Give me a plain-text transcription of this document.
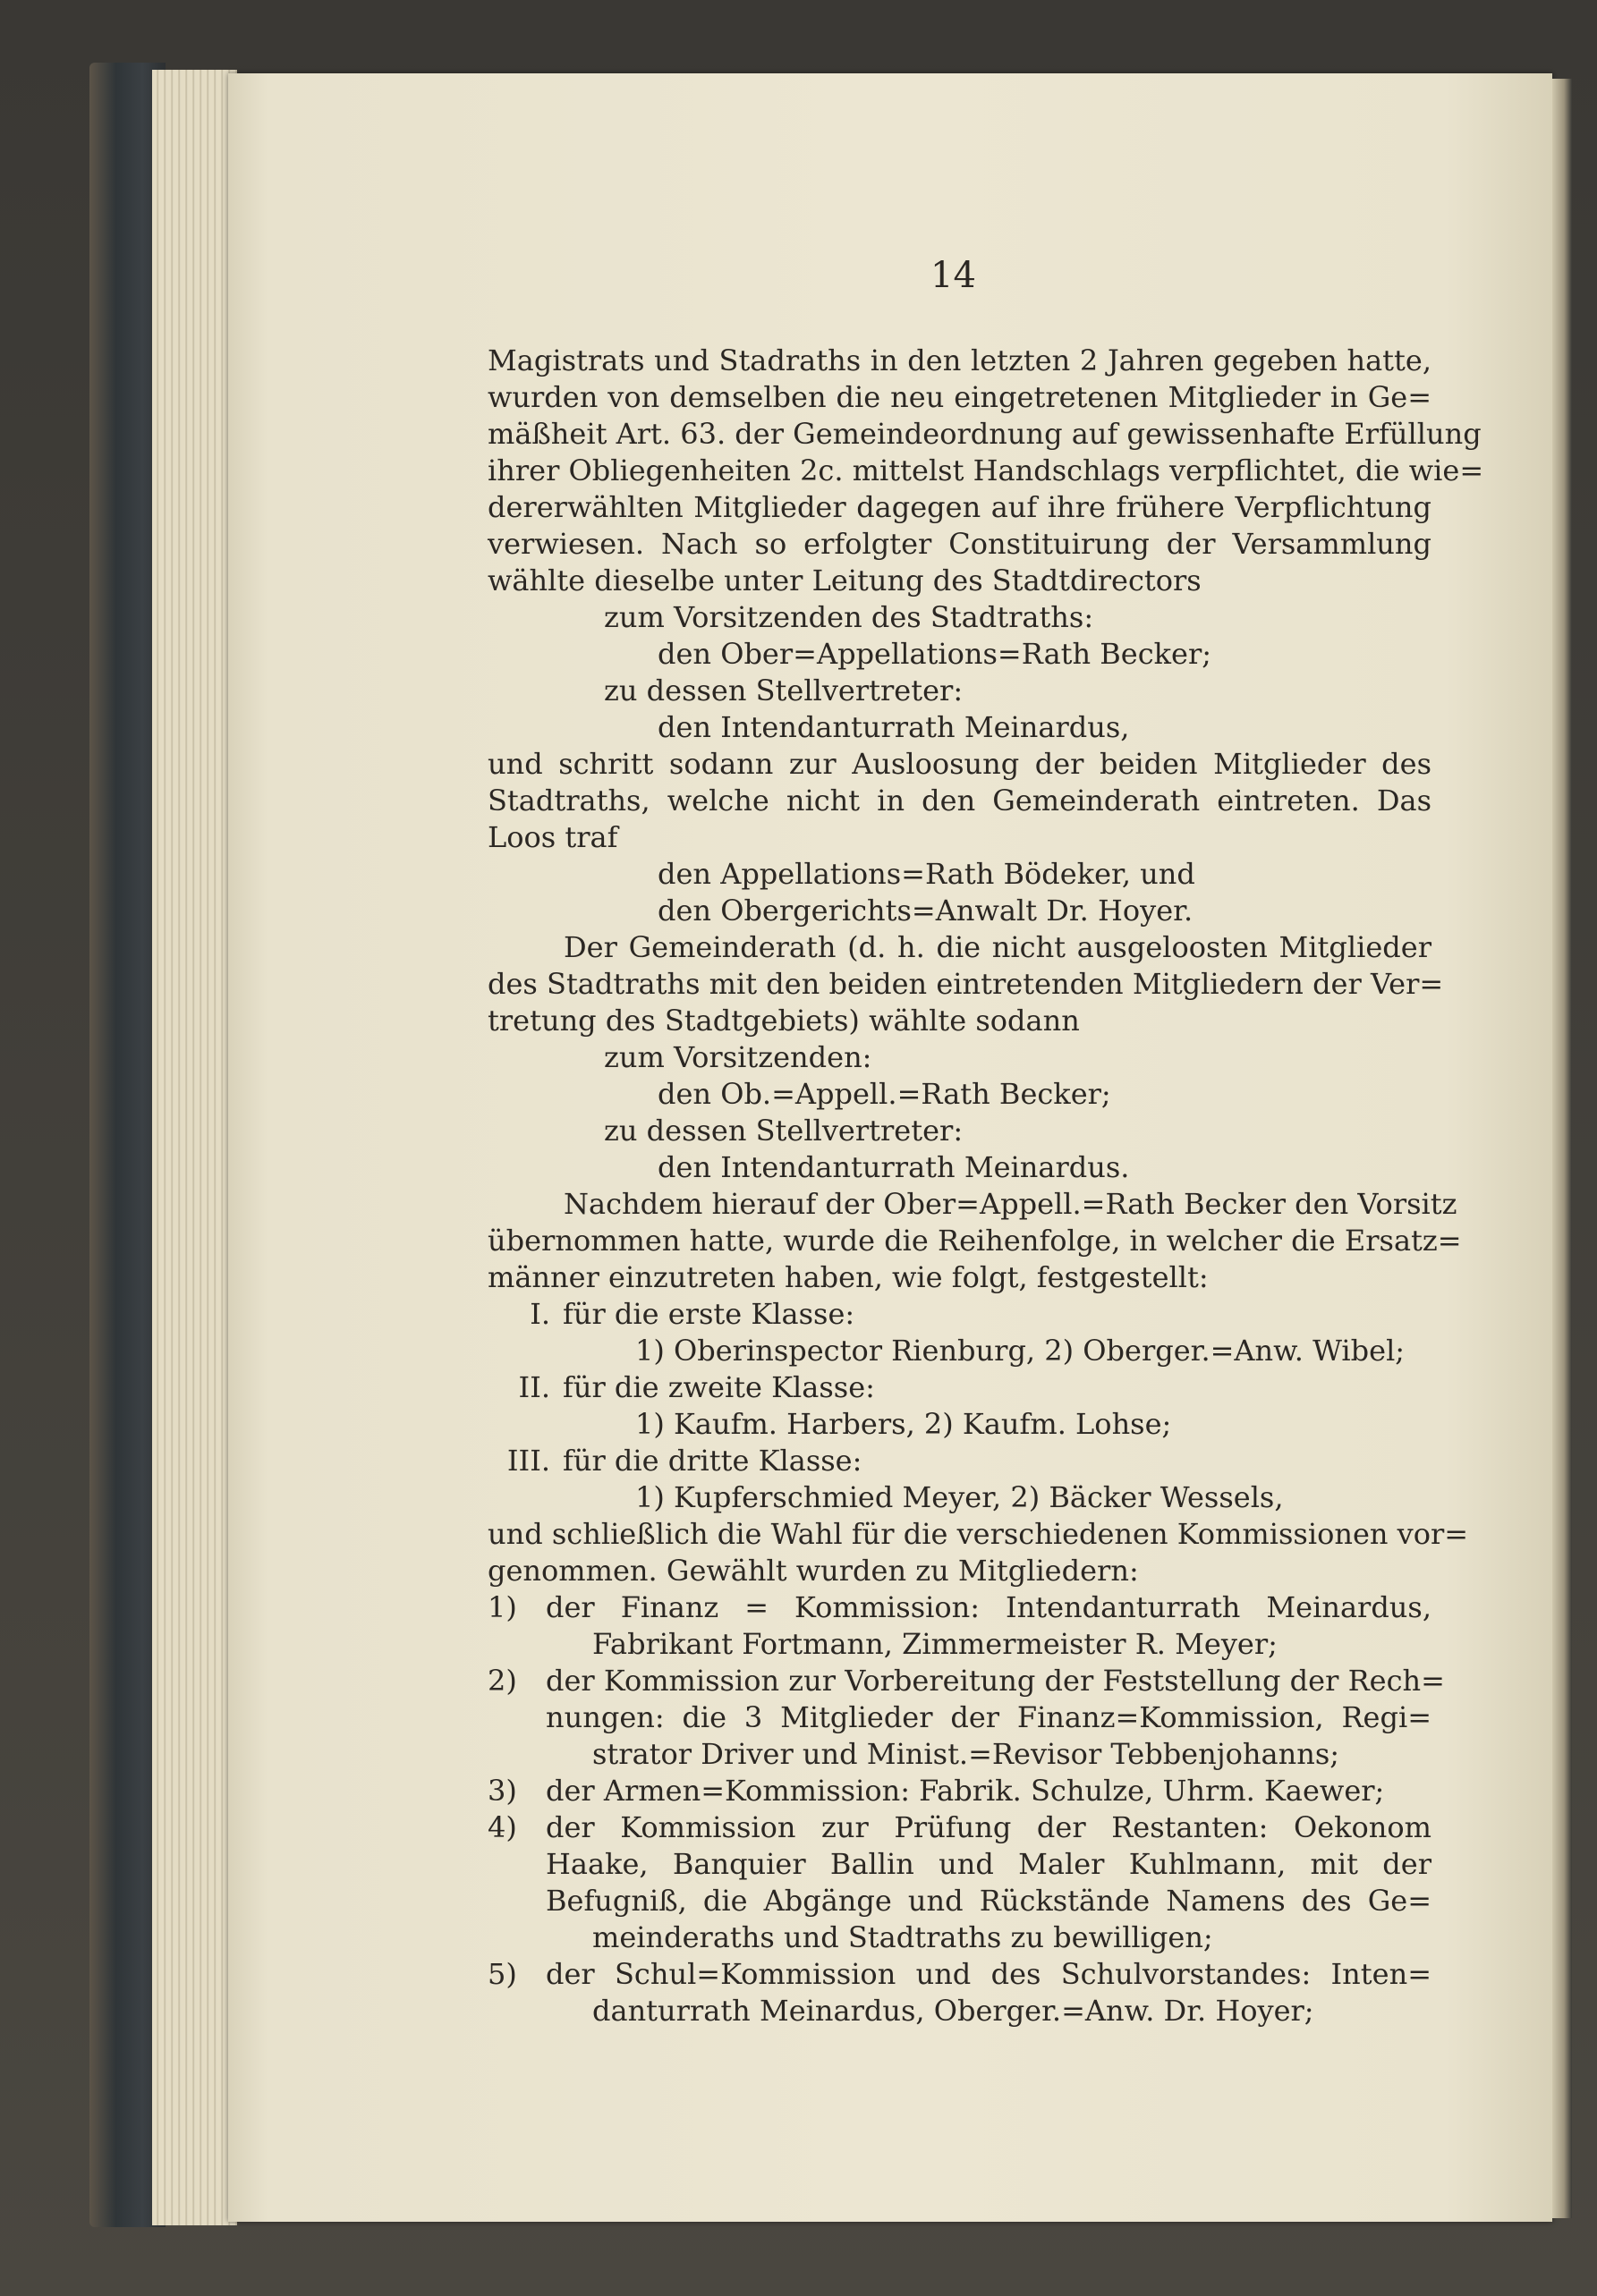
14
Magistrats und Stadraths in den letzten 2 Jahren gegeben hatte,
wurden von demselben die neu eingetretenen Mitglieder in Ge=
mäßheit Art. 63. der Gemeindeordnung auf gewissenhafte Erfüllung
ihrer Obliegenheiten 2c. mittelst Handschlags verpflichtet, die wie=
dererwählten Mitglieder dagegen auf ihre frühere Verpflichtung
verwiesen. Nach so erfolgter Constituirung der Versammlung
wählte dieselbe unter Leitung des Stadtdirectors
zum Vorsitzenden des Stadtraths:
den Ober=Appellations=Rath Becker;
zu dessen Stellvertreter:
den Intendanturrath Meinardus,
und schritt sodann zur Ausloosung der beiden Mitglieder des
Stadtraths, welche nicht in den Gemeinderath eintreten. Das
Loos traf
den Appellations=Rath Bödeker, und
den Obergerichts=Anwalt Dr. Hoyer.
Der Gemeinderath (d. h. die nicht ausgeloosten Mitglieder
des Stadtraths mit den beiden eintretenden Mitgliedern der Ver=
tretung des Stadtgebiets) wählte sodann
zum Vorsitzenden:
den Ob.=Appell.=Rath Becker;
zu dessen Stellvertreter:
den Intendanturrath Meinardus.
Nachdem hierauf der Ober=Appell.=Rath Becker den Vorsitz
übernommen hatte, wurde die Reihenfolge, in welcher die Ersatz=
männer einzutreten haben, wie folgt, festgestellt:
I. für die erste Klasse:
1) Oberinspector Rienburg, 2) Oberger.=Anw. Wibel;
II. für die zweite Klasse:
1) Kaufm. Harbers, 2) Kaufm. Lohse;
III. für die dritte Klasse:
1) Kupferschmied Meyer, 2) Bäcker Wessels,
und schließlich die Wahl für die verschiedenen Kommissionen vor=
genommen. Gewählt wurden zu Mitgliedern:
1)	der Finanz = Kommission: Intendanturrath Meinardus,
Fabrikant Fortmann, Zimmermeister R. Meyer;
2)	der Kommission zur Vorbereitung der Feststellung der Rech=
nungen: die 3 Mitglieder der Finanz=Kommission, Regi=
strator Driver und Minist.=Revisor Tebbenjohanns;
3)	der Armen=Kommission: Fabrik. Schulze, Uhrm. Kaewer;
4)	der Kommission zur Prüfung der Restanten: Oekonom
Haake, Banquier Ballin und Maler Kuhlmann, mit der
Befugniß, die Abgänge und Rückstände Namens des Ge=
meinderaths und Stadtraths zu bewilligen;
5)	der Schul=Kommission und des Schulvorstandes: Inten=
danturrath Meinardus, Oberger.=Anw. Dr. Hoyer;
